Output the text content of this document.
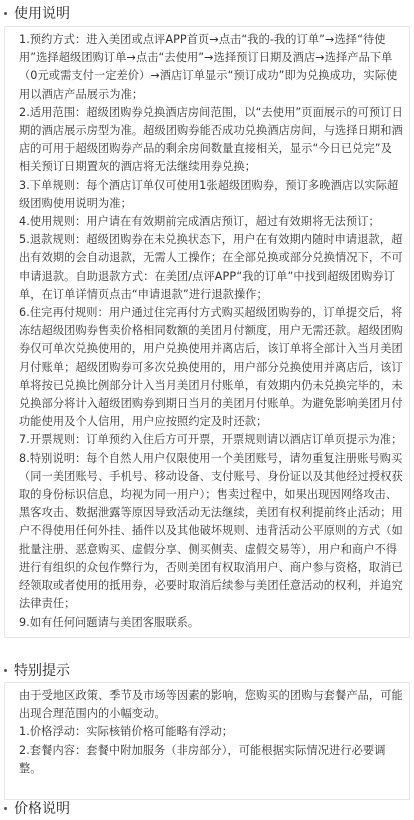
使用说明

1.预约方式：进入美团或点评APP首页→点击“我的-我的订单”→选择“待使用”选择超级团购订单→点击“去使用”→选择预订日期及酒店→选择产品下单（0元或需支付一定差价）→酒店订单显示“预订成功”即为兑换成功，实际使用以酒店产品展示为准；

2.适用范围：超级团购券兑换酒店房间范围，以“去使用”页面展示的可预订日期的酒店展示房型为准。超级团购券能否成功兑换酒店房间，与选择日期和酒店的可用于超级团购券产品的剩余房间数量直接相关，显示“今日已兑完”及相关预订日期置灰的酒店将无法继续用券兑换；

3.下单规则：每个酒店订单仅可使用1张超级团购券，预订多晚酒店以实际超级团购使用说明为准；

4.使用规则：用户请在有效期前完成酒店预订，超过有效期将无法预订；

5.退款规则：超级团购券在未兑换状态下，用户在有效期内随时申请退款，超出有效期的会自动退款，无需人工操作；在全部兑换或部分兑换情况下，不可申请退款。自助退款方式：在美团/点评APP“我的订单”中找到超级团购券订单，在订单详情页点击“申请退款”进行退款操作；

6.住完再付规则：用户通过住完再付方式购买超级团购券的，订单提交后，将冻结超级团购券售卖价格相同数额的美团月付额度，用户无需还款。超级团购券仅可单次兑换使用的，用户兑换使用并离店后，该订单将全部计入当月美团月付账单；超级团购券可多次兑换使用的，用户部分兑换使用并离店后，该订单将按已兑换比例部分计入当月美团月付账单，有效期内仍未兑换完毕的，未兑换部分将计入超级团购券到期日当月的美团月付账单。为避免影响美团月付功能使用及个人信用，用户应按照约定及时还款；

7.开票规则：订单预约入住后方可开票，开票规则请以酒店订单页提示为准；

8.特别说明：每个自然人用户仅限使用一个美团账号，请勿重复注册账号购买（同一美团账号、手机号、移动设备、支付账号、身份证以及其他经过授权获取的身份标识信息，均视为同一用户）；售卖过程中，如果出现因网络攻击、黑客攻击、数据泄露等原因导致活动无法继续，美团有权利提前终止活动；用户不得使用任何外挂、插件以及其他破坏规则、违背活动公平原则的方式（如批量注册、恶意购买、虚假分享、侧买侧卖、虚假交易等），用户和商户不得进行有组织的众包作弊行为，否则美团有权取消用户、商户参与资格，取消已经领取或者使用的抵用券，必要时取消后续参与美团任意活动的权利，并追究法律责任；

9.如有任何问题请与美团客服联系。

特别提示

由于受地区政策、季节及市场等因素的影响，您购买的团购与套餐产品，可能出现合理范围内的小幅变动。

1.价格浮动：实际核销价格可能略有浮动；

2.套餐内容：套餐中附加服务（非房部分），可能根据实际情况进行必要调整。

价格说明
